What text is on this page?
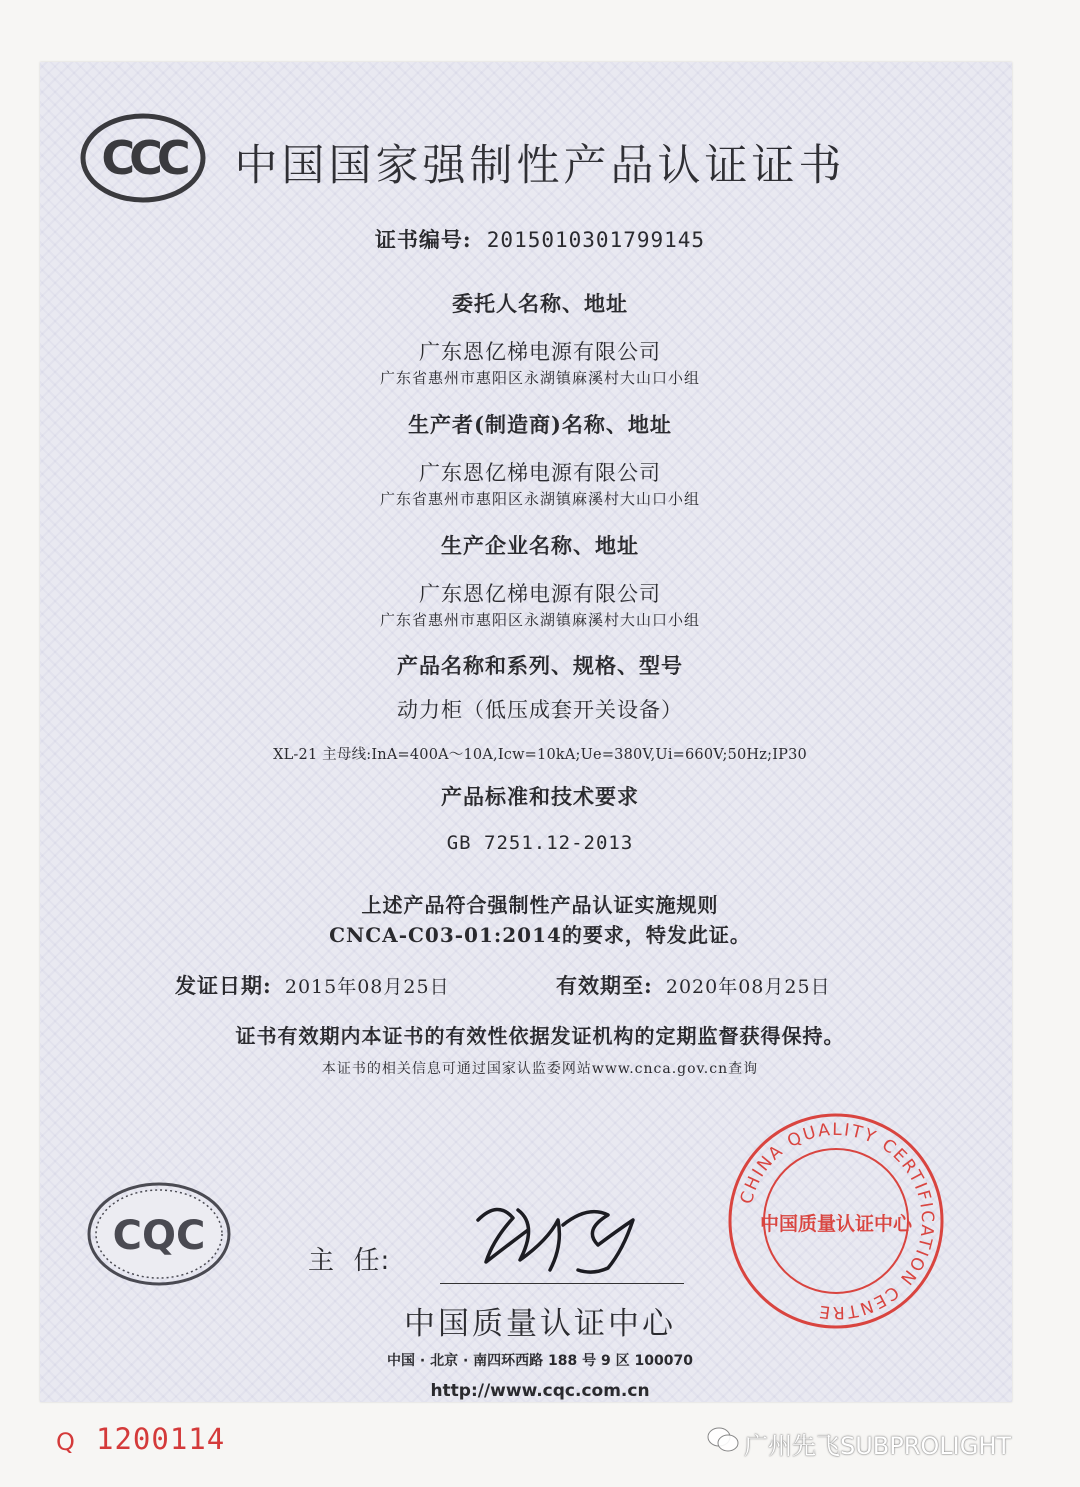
CCC	中国国家强制性产品认证证书
证书编号: 2015010301799145
委托人名称、地址
广东恩亿梯电源有限公司
广东省惠州市惠阳区永湖镇麻溪村大山口小组
生产者(制造商)名称、地址
广东恩亿梯电源有限公司
广东省惠州市惠阳区永湖镇麻溪村大山口小组
生产企业名称、地址
广东恩亿梯电源有限公司
广东省惠州市惠阳区永湖镇麻溪村大山口小组
产品名称和系列、规格、型号
动力柜（低压成套开关设备）
XL-21 主母线:InA=400A～10A,Icw=10kA;Ue=380V,Ui=660V;50Hz;IP30
产品标准和技术要求
GB 7251.12-2013
上述产品符合强制性产品认证实施规则
CNCA-C03-01:2014的要求，特发此证。
发证日期: 2015年08月25日	有效期至: 2020年08月25日
证书有效期内本证书的有效性依据发证机构的定期监督获得保持。
本证书的相关信息可通过国家认监委网站www.cnca.gov.cn查询
CHINA QUALITY CERTIFICATION CENTRE
中国质量认证中心
CQC
主  任:
中国质量认证中心
中国 · 北京 · 南四环西路 188 号 9 区 100070
http://www.cqc.com.cn
Q 1200114	广州先飞SUBPROLIGHT
